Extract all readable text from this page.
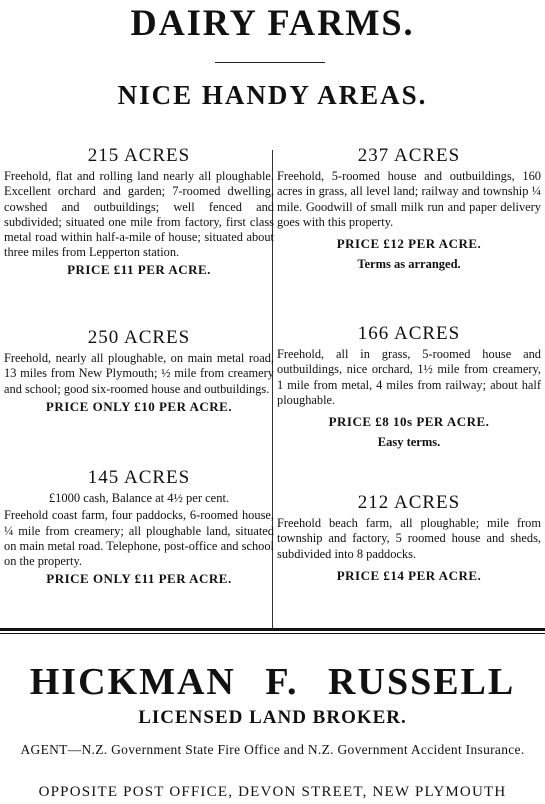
DAIRY FARMS.
NICE HANDY AREAS.
215 ACRES
Freehold, flat and rolling land nearly all ploughable. Excellent orchard and garden; 7-roomed dwelling, cowshed and outbuildings; well fenced and subdivided; situated one mile from factory, first class metal road within half-a-mile of house; situated about three miles from Lepperton station.
PRICE £11 PER ACRE.
250 ACRES
Freehold, nearly all ploughable, on main metal road, 13 miles from New Plymouth; ½ mile from creamery and school; good six-roomed house and outbuildings.
PRICE ONLY £10 PER ACRE.
145 ACRES
£1000 cash, Balance at 4½ per cent.
Freehold coast farm, four paddocks, 6-roomed house, ¼ mile from creamery; all ploughable land, situated on main metal road. Telephone, post-office and school on the property.
PRICE ONLY £11 PER ACRE.
237 ACRES
Freehold, 5-roomed house and outbuildings, 160 acres in grass, all level land; railway and township ¼ mile. Goodwill of small milk run and paper delivery goes with this property.
PRICE £12 PER ACRE.
Terms as arranged.
166 ACRES
Freehold, all in grass, 5-roomed house and outbuildings, nice orchard, 1½ mile from creamery, 1 mile from metal, 4 miles from railway; about half ploughable.
PRICE £8 10s PER ACRE.
Easy terms.
212 ACRES
Freehold beach farm, all ploughable; mile from township and factory, 5 roomed house and sheds, subdivided into 8 paddocks.
PRICE £14 PER ACRE.
HICKMAN F. RUSSELL
LICENSED LAND BROKER.
AGENT—N.Z. Government State Fire Office and N.Z. Government Accident Insurance.
OPPOSITE POST OFFICE, DEVON STREET, NEW PLYMOUTH
